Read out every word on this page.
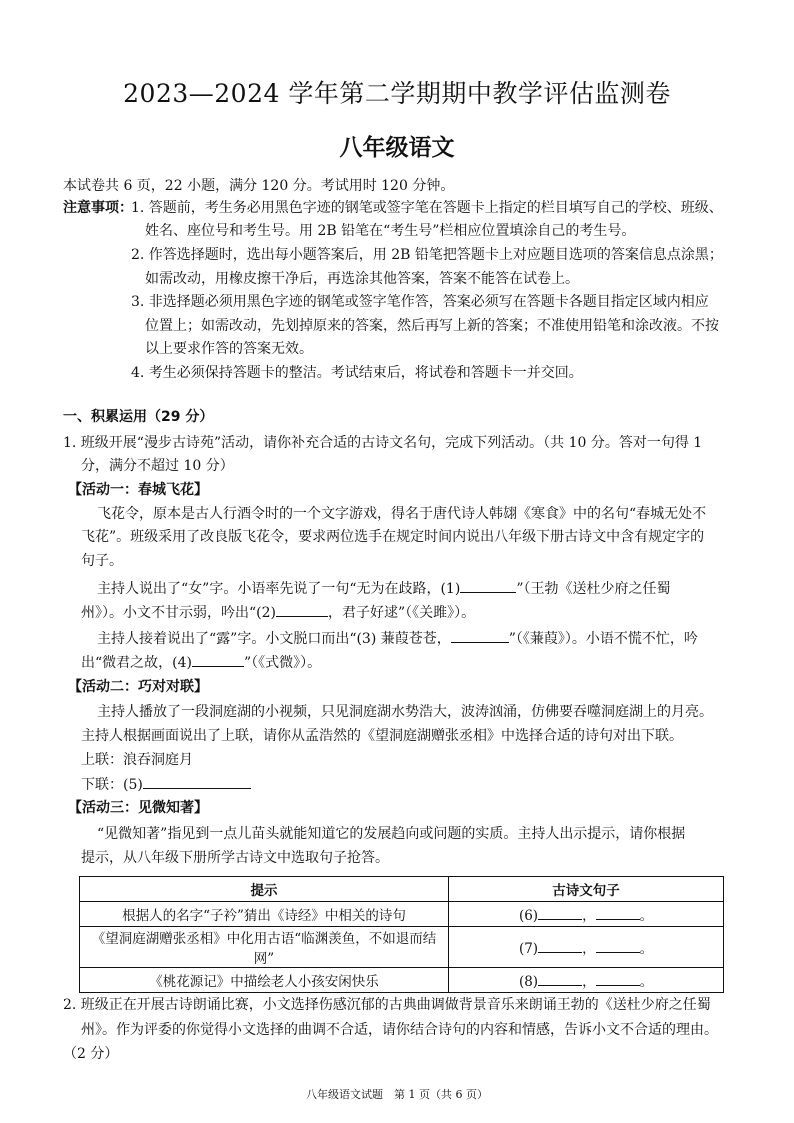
2023—2024 学年第二学期期中教学评估监测卷
八年级语文
本试卷共 6 页，22 小题，满分 120 分。考试用时 120 分钟。
注意事项：
1. 答题前，考生务必用黑色字迹的钢笔或签字笔在答题卡上指定的栏目填写自己的学校、班级、
姓名、座位号和考生号。用 2B 铅笔在“考生号”栏相应位置填涂自己的考生号。
2. 作答选择题时，选出每小题答案后，用 2B 铅笔把答题卡上对应题目选项的答案信息点涂黑；
如需改动，用橡皮擦干净后，再选涂其他答案，答案不能答在试卷上。
3. 非选择题必须用黑色字迹的钢笔或签字笔作答，答案必须写在答题卡各题目指定区域内相应
位置上；如需改动，先划掉原来的答案，然后再写上新的答案；不准使用铅笔和涂改液。不按
以上要求作答的答案无效。
4. 考生必须保持答题卡的整洁。考试结束后，将试卷和答题卡一并交回。
一、积累运用（29 分）
1. 班级开展“漫步古诗苑”活动，请你补充合适的古诗文名句，完成下列活动。（共 10 分。答对一句得 1
分，满分不超过 10 分）
【活动一：春城飞花】
飞花令，原本是古人行酒令时的一个文字游戏，得名于唐代诗人韩翃《寒食》中的名句“春城无处不
飞花”。班级采用了改良版飞花令，要求两位选手在规定时间内说出八年级下册古诗文中含有规定字的
句子。
主持人说出了“女”字。小语率先说了一句“无为在歧路，(1)	”（王勃《送杜少府之任蜀
州》）。小文不甘示弱，吟出“(2)	，君子好逑”（《关雎》）。
主持人接着说出了“露”字。小文脱口而出“(3) 蒹葭苍苍，	”（《蒹葭》）。小语不慌不忙，吟
出“微君之故，(4)	”（《式微》）。
【活动二：巧对对联】
主持人播放了一段洞庭湖的小视频，只见洞庭湖水势浩大，波涛汹涌，仿佛要吞噬洞庭湖上的月亮。
主持人根据画面说出了上联，请你从孟浩然的《望洞庭湖赠张丞相》中选择合适的诗句对出下联。
上联：浪吞洞庭月
下联：(5)
【活动三：见微知著】
“见微知著”指见到一点儿苗头就能知道它的发展趋向或问题的实质。主持人出示提示，请你根据
提示，从八年级下册所学古诗文中选取句子抢答。
提示	古诗文句子
根据人的名字“子衿”猜出《诗经》中相关的诗句	(6) ， 。
《望洞庭湖赠张丞相》中化用古语“临渊羡鱼，不如退而结网”	(7) ， 。
《桃花源记》中描绘老人小孩安闲快乐	(8) ， 。
2. 班级正在开展古诗朗诵比赛，小文选择伤感沉郁的古典曲调做背景音乐来朗诵王勃的《送杜少府之任蜀
州》。作为评委的你觉得小文选择的曲调不合适，请你结合诗句的内容和情感，告诉小文不合适的理由。
（2 分）
八年级语文试题　第 1 页（共 6 页）
